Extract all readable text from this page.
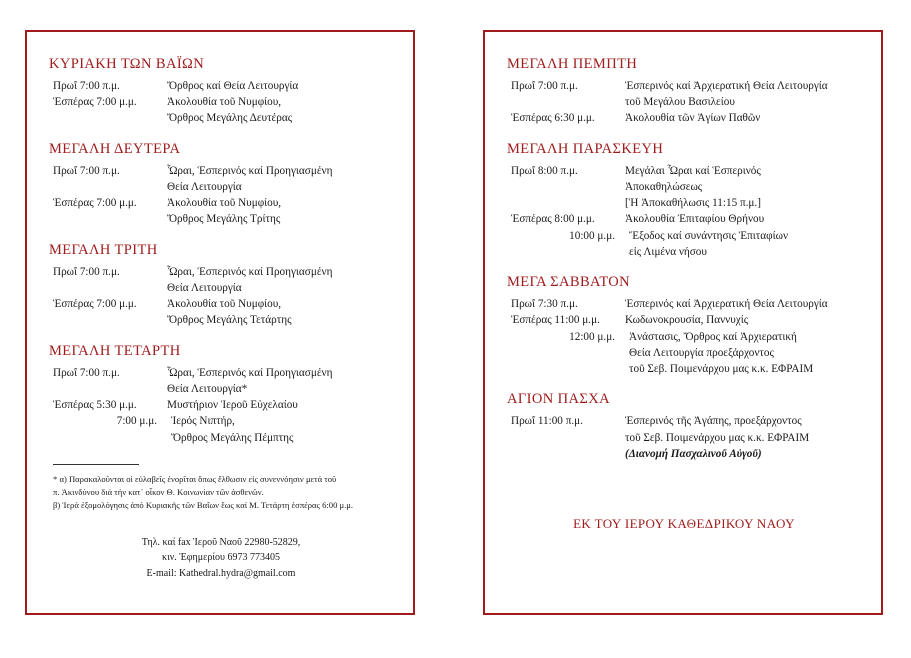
ΚΥΡΙΑΚΗ ΤΩΝ ΒΑΪΩΝ
Πρωΐ 7:00 π.μ.	Ὄρθρος καί Θεία Λειτουργία
Ἑσπέρας 7:00 μ.μ.	Ἀκολουθία τοῦ Νυμφίου,
Ὄρθρος Μεγάλης Δευτέρας
ΜΕΓΑΛΗ ΔΕΥΤΕΡΑ
Πρωΐ 7:00 π.μ.	Ὧραι, Ἑσπερινός καί Προηγιασμένη
Θεία Λειτουργία
Ἑσπέρας 7:00 μ.μ.	Ἀκολουθία τοῦ Νυμφίου,
Ὄρθρος Μεγάλης Τρίτης
ΜΕΓΑΛΗ ΤΡΙΤΗ
Πρωΐ 7:00 π.μ.	Ὧραι, Ἑσπερινός καί Προηγιασμένη
Θεία Λειτουργία
Ἑσπέρας 7:00 μ.μ.	Ἀκολουθία τοῦ Νυμφίου,
Ὄρθρος Μεγάλης Τετάρτης
ΜΕΓΑΛΗ ΤΕΤΑΡΤΗ
Πρωΐ 7:00 π.μ.	Ὧραι, Ἑσπερινός καί Προηγιασμένη
Θεία Λειτουργία*
Ἑσπέρας 5:30 μ.μ.	Μυστήριον Ἱεροῦ Εὐχελαίου
7:00 μ.μ.	Ἱερός Νιπτήρ,
Ὄρθρος Μεγάλης Πέμπτης
* α) Παρακαλοῦνται οἱ εὐλαβεῖς ἐνορῖται ὅπως ἔλθωσιν εἰς συνεννόησιν μετά τοῦ
π. Ἀκινδύνου διά τήν κατ᾽ οἶκον Θ. Κοινωνίαν τῶν ἀσθενῶν.
β) Ἱερά ἐξομολόγησις ἀπό Κυριακῆς τῶν Βαΐων ἕως καί Μ. Τετάρτη ἑσπέρας 6:00 μ.μ.
Τηλ. καί fax Ἱεροῦ Ναοῦ 22980-52829,
κιν. Ἐφημερίου 6973 773405
E-mail: Kathedral.hydra@gmail.com
ΜΕΓΑΛΗ ΠΕΜΠΤΗ
Πρωΐ 7:00 π.μ.	Ἑσπερινός καί Ἀρχιερατική Θεία Λειτουργία
τοῦ Μεγάλου Βασιλείου
Ἑσπέρας 6:30 μ.μ.	Ἀκολουθία τῶν Ἁγίων Παθῶν
ΜΕΓΑΛΗ ΠΑΡΑΣΚΕΥΗ
Πρωΐ 8:00 π.μ.	Μεγάλαι Ὧραι καί Ἑσπερινός
Ἀποκαθηλώσεως
[Ἡ Ἀποκαθήλωσις 11:15 π.μ.]
Ἑσπέρας 8:00 μ.μ.	Ἀκολουθία Ἐπιταφίου Θρήνου
10:00 μ.μ.	Ἔξοδος καί συνάντησις Ἐπιταφίων
εἰς Λιμένα νήσου
ΜΕΓΑ ΣΑΒΒΑΤΟΝ
Πρωΐ 7:30 π.μ.	Ἑσπερινός καί Ἀρχιερατική Θεία Λειτουργία
Ἑσπέρας 11:00 μ.μ.	Κωδωνοκρουσία, Παννυχίς
12:00 μ.μ.	Ἀνάστασις, Ὄρθρος καί Ἀρχιερατική
Θεία Λειτουργία προεξάρχοντος
τοῦ Σεβ. Ποιμενάρχου μας κ.κ. ΕΦΡΑΙΜ
ΑΓΙΟΝ ΠΑΣΧΑ
Πρωΐ 11:00 π.μ.	Ἑσπερινός τῆς Ἀγάπης, προεξάρχοντος
τοῦ Σεβ. Ποιμενάρχου μας κ.κ. ΕΦΡΑΙΜ
(Διανομή Πασχαλινοῦ Αὐγοῦ)
ΕΚ ΤΟΥ ΙΕΡΟΥ ΚΑΘΕΔΡΙΚΟΥ ΝΑΟΥ
